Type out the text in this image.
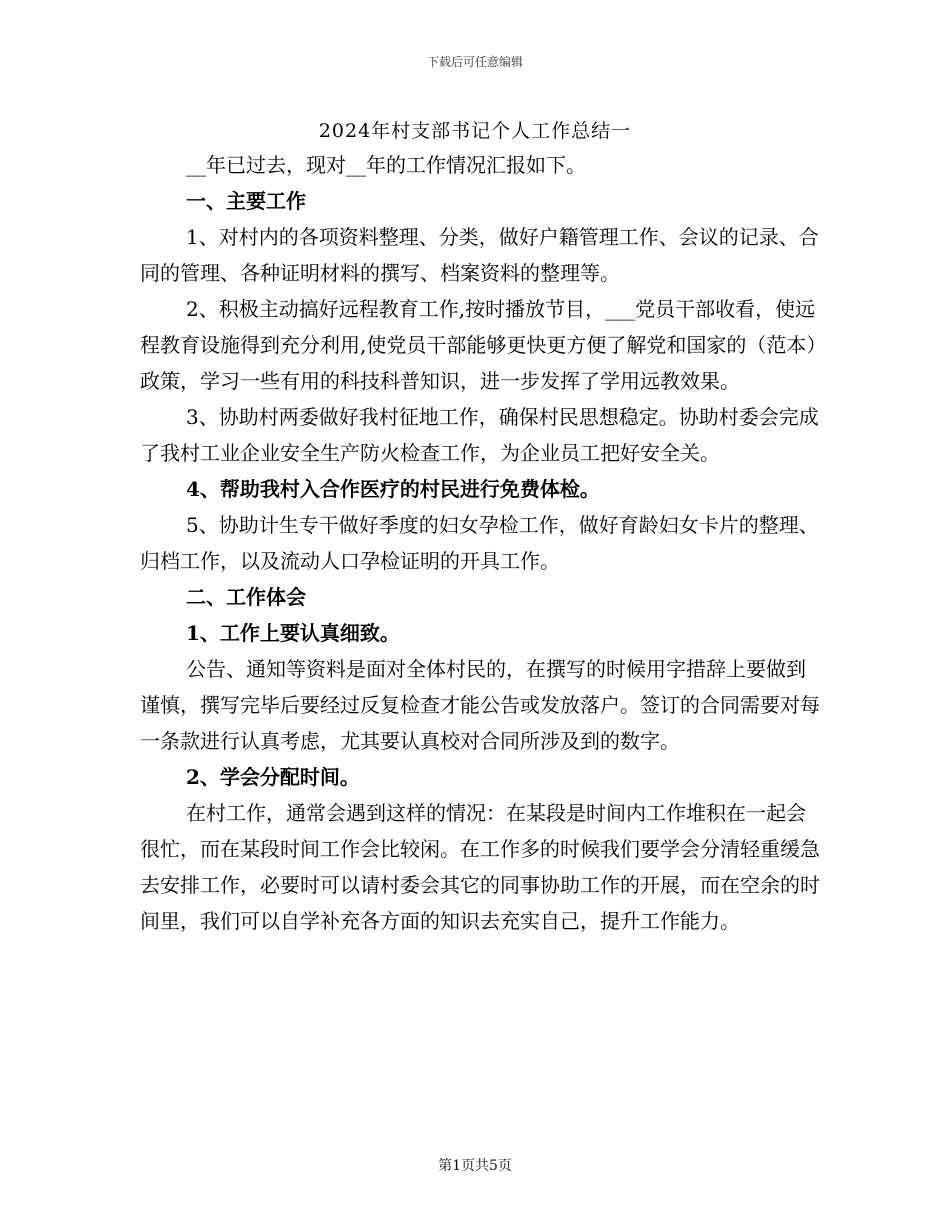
下载后可任意编辑
2024年村支部书记个人工作总结一

__年已过去，现对__年的工作情况汇报如下。

一、主要工作

1、对村内的各项资料整理、分类，做好户籍管理工作、会议的记录、合同的管理、各种证明材料的撰写、档案资料的整理等。

2、积极主动搞好远程教育工作,按时播放节目，___党员干部收看，使远程教育设施得到充分利用,使党员干部能够更快更方便了解党和国家的（范本）政策，学习一些有用的科技科普知识，进一步发挥了学用远教效果。

3、协助村两委做好我村征地工作，确保村民思想稳定。协助村委会完成了我村工业企业安全生产防火检查工作，为企业员工把好安全关。

4、帮助我村入合作医疗的村民进行免费体检。

5、协助计生专干做好季度的妇女孕检工作，做好育龄妇女卡片的整理、归档工作，以及流动人口孕检证明的开具工作。

二、工作体会

1、工作上要认真细致。

公告、通知等资料是面对全体村民的，在撰写的时候用字措辞上要做到谨慎，撰写完毕后要经过反复检查才能公告或发放落户。签订的合同需要对每一条款进行认真考虑，尤其要认真校对合同所涉及到的数字。

2、学会分配时间。

在村工作，通常会遇到这样的情况：在某段是时间内工作堆积在一起会很忙，而在某段时间工作会比较闲。在工作多的时候我们要学会分清轻重缓急去安排工作，必要时可以请村委会其它的同事协助工作的开展，而在空余的时间里，我们可以自学补充各方面的知识去充实自己，提升工作能力。

第1页共5页
